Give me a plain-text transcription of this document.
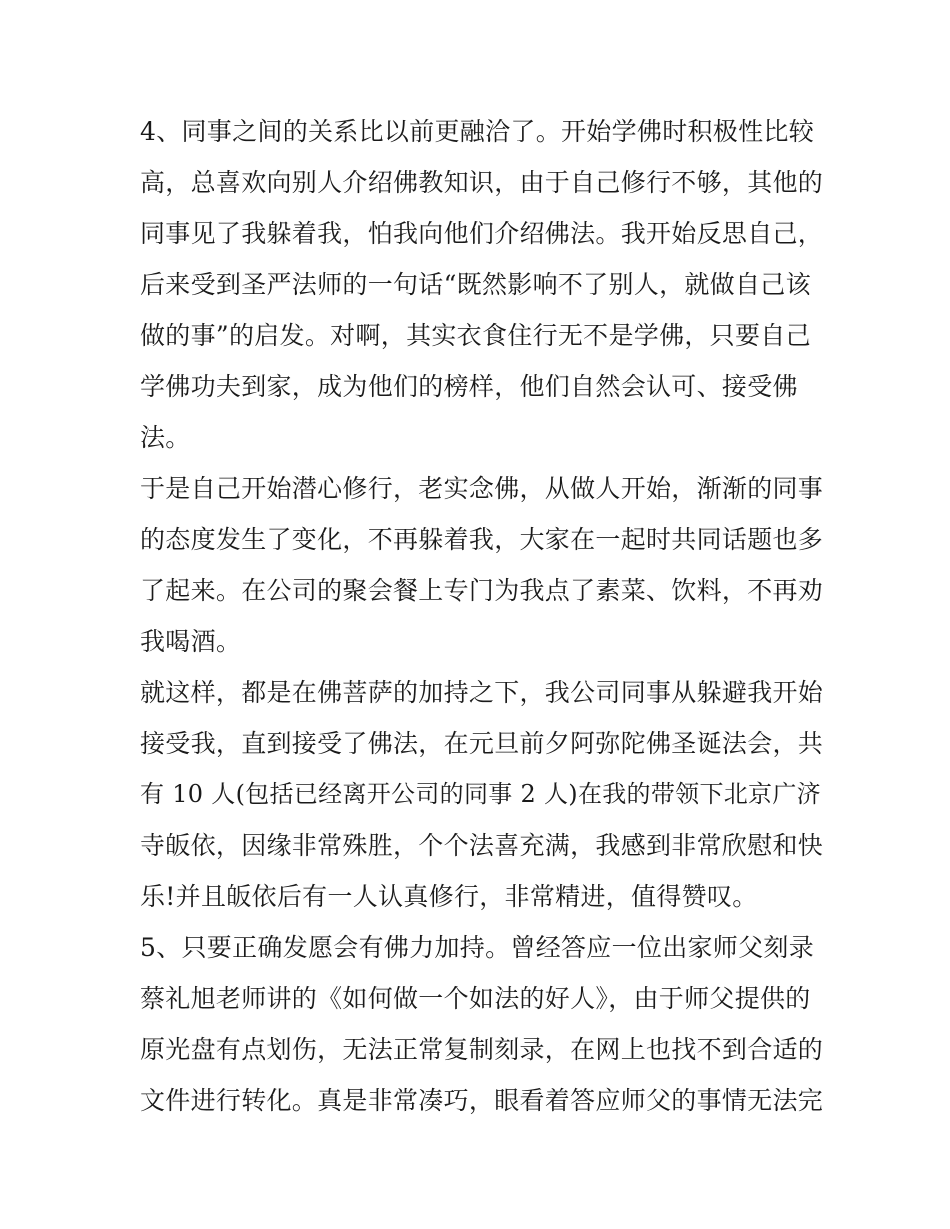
4、同事之间的关系比以前更融洽了。开始学佛时积极性比较
高，总喜欢向别人介绍佛教知识，由于自己修行不够，其他的
同事见了我躲着我，怕我向他们介绍佛法。我开始反思自己，
后来受到圣严法师的一句话“既然影响不了别人，就做自己该
做的事”的启发。对啊，其实衣食住行无不是学佛，只要自己
学佛功夫到家，成为他们的榜样，他们自然会认可、接受佛
法。
于是自己开始潜心修行，老实念佛，从做人开始，渐渐的同事
的态度发生了变化，不再躲着我，大家在一起时共同话题也多
了起来。在公司的聚会餐上专门为我点了素菜、饮料，不再劝
我喝酒。
就这样，都是在佛菩萨的加持之下，我公司同事从躲避我开始
接受我，直到接受了佛法，在元旦前夕阿弥陀佛圣诞法会，共
有 10 人(包括已经离开公司的同事 2 人)在我的带领下北京广济
寺皈依，因缘非常殊胜，个个法喜充满，我感到非常欣慰和快
乐!并且皈依后有一人认真修行，非常精进，值得赞叹。
5、只要正确发愿会有佛力加持。曾经答应一位出家师父刻录
蔡礼旭老师讲的《如何做一个如法的好人》，由于师父提供的
原光盘有点划伤，无法正常复制刻录，在网上也找不到合适的
文件进行转化。真是非常凑巧，眼看着答应师父的事情无法完
